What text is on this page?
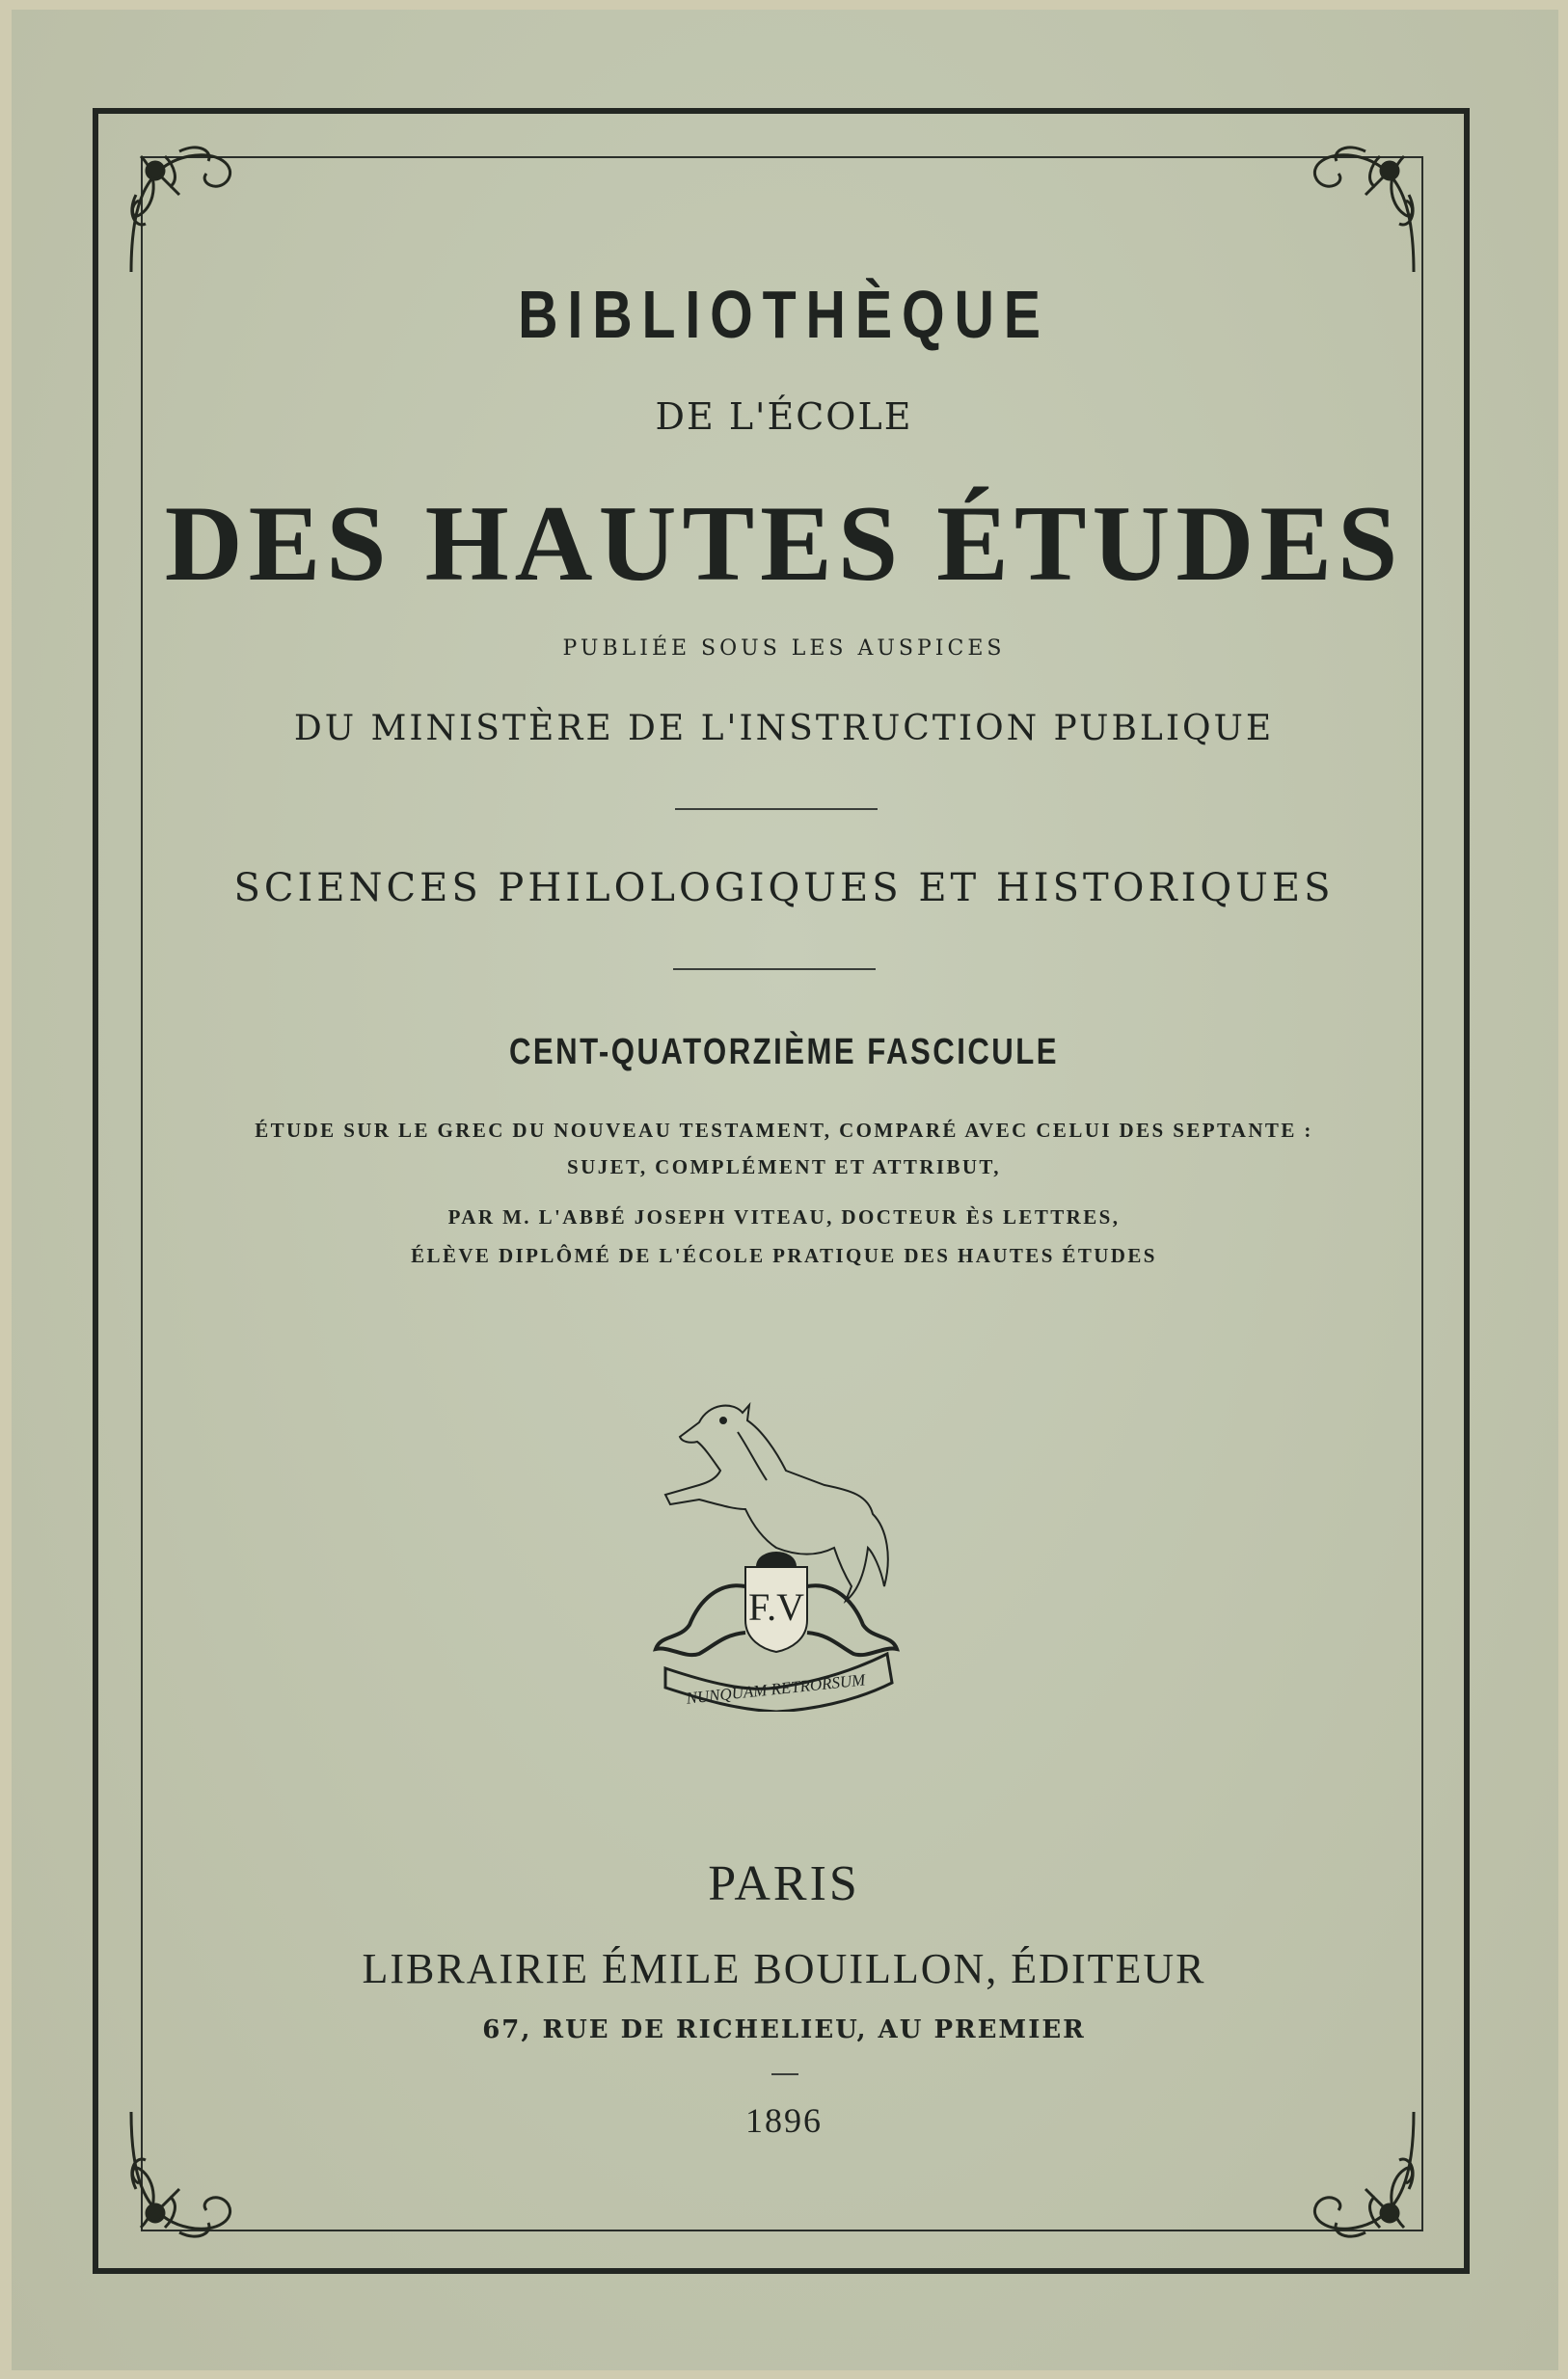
BIBLIOTHÈQUE
DE L'ÉCOLE
DES HAUTES ÉTUDES
PUBLIÉE SOUS LES AUSPICES
DU MINISTÈRE DE L'INSTRUCTION PUBLIQUE
SCIENCES PHILOLOGIQUES ET HISTORIQUES
CENT-QUATORZIÈME FASCICULE
ÉTUDE SUR LE GREC DU NOUVEAU TESTAMENT, COMPARÉ AVEC CELUI DES SEPTANTE :
SUJET, COMPLÉMENT ET ATTRIBUT,
PAR M. L'ABBÉ JOSEPH VITEAU, DOCTEUR ÈS LETTRES,
ÉLÈVE DIPLÔMÉ DE L'ÉCOLE PRATIQUE DES HAUTES ÉTUDES
F.V
NUNQUAM RETRORSUM
PARIS
LIBRAIRIE ÉMILE BOUILLON, ÉDITEUR
67, RUE DE RICHELIEU, AU PREMIER
1896
